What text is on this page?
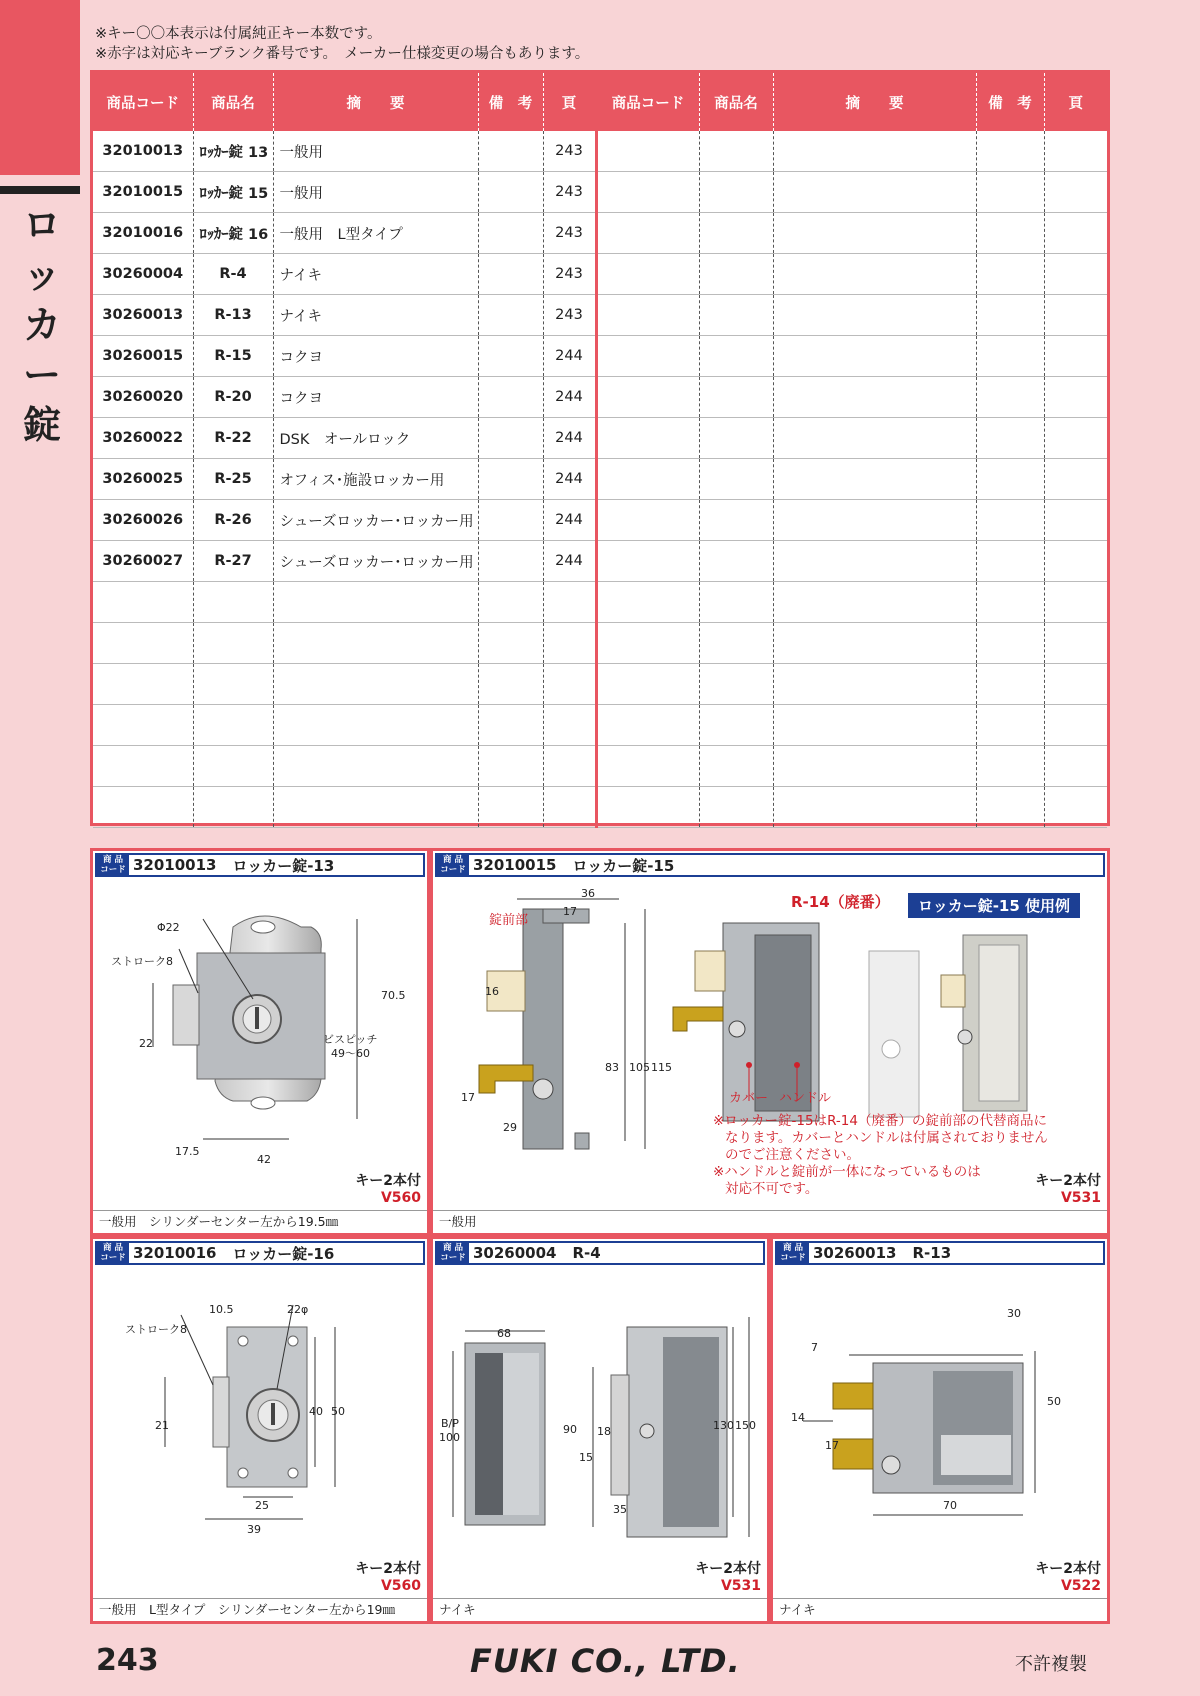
ロッカー錠
※キー〇〇本表示は付属純正キー本数です。
※赤字は対応キーブランク番号です。　メーカー仕様変更の場合もあります。
商品コード	商品名	摘　　要	備　考	頁	商品コード	商品名	摘　　要	備　考	頁
32010013	ﾛｯｶｰ錠 13	一般用		243					
32010015	ﾛｯｶｰ錠 15	一般用		243					
32010016	ﾛｯｶｰ錠 16	一般用　L型タイプ		243					
30260004	R-4	ナイキ		243					
30260013	R-13	ナイキ		243					
30260015	R-15	コクヨ		244					
30260020	R-20	コクヨ		244					
30260022	R-22	DSK　オールロック		244					
30260025	R-25	オフィス･施設ロッカー用		244					
30260026	R-26	シューズロッカー･ロッカー用		244					
30260027	R-27	シューズロッカー･ロッカー用		244					

商 品
コード 32010013 ロッカー錠-13
Φ22
ストローク8
22
70.5
ビスピッチ
49～60
17.5
42
キー2本付
V560
一般用　シリンダーセンター左から19.5㎜
商 品
コード 32010015 ロッカー錠-15
錠前部
36
17
16
83 105 115
17
29
R-14（廃番）	ロッカー錠-15 使用例
カバー ハンドル
※ロッカー錠-15はR-14（廃番）の錠前部の代替商品に
なります。カバーとハンドルは付属されておりません
のでご注意ください。
※ハンドルと錠前が一体になっているものは
対応不可です。	キー2本付
V531
一般用
商 品
コード 32010016 ロッカー錠-16
10.5	22φ
ストローク8
21
40 50
25
39
キー2本付
V560
一般用　L型タイプ　シリンダーセンター左から19㎜
商 品
コード 30260004 R-4
68
B/P
100
90 18
15
35
130 150
キー2本付
V531
ナイキ
商 品
コード 30260013 R-13
30
7
50
14
17
70
キー2本付
V522
ナイキ
243	FUKI CO., LTD.	不許複製
